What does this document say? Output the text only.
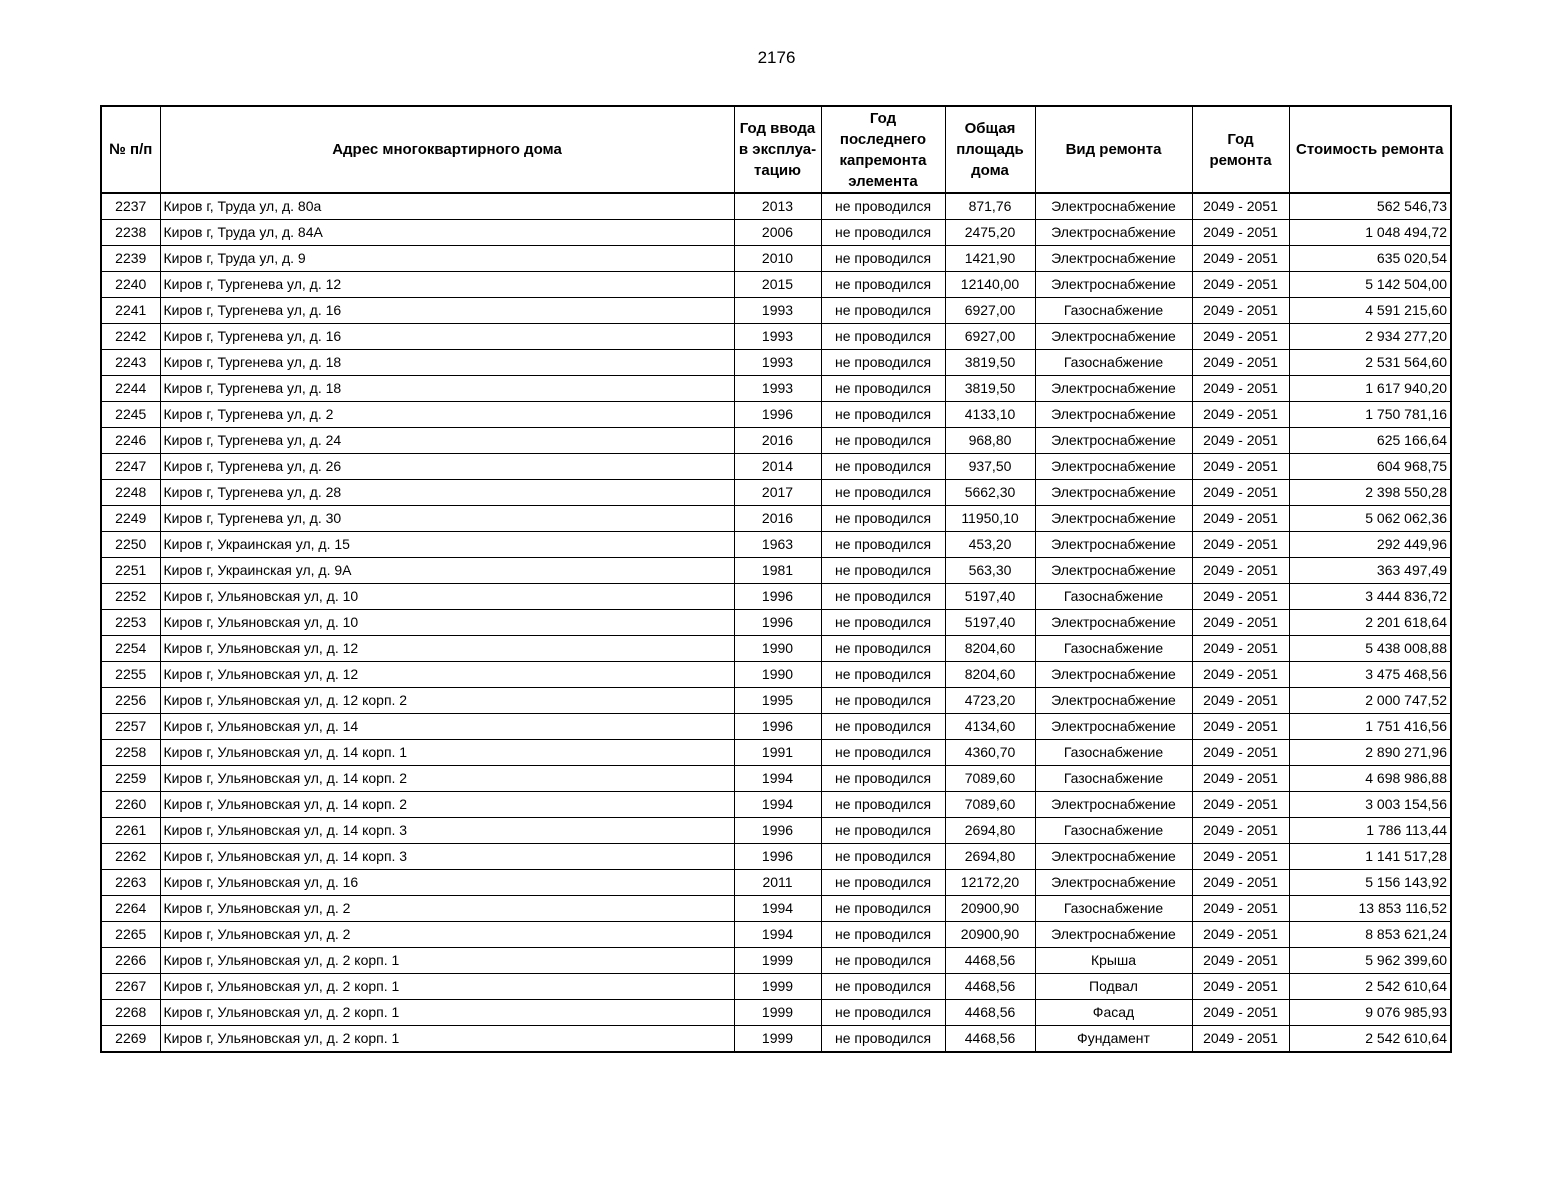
2176
№ п/п	Адрес многоквартирного дома	Год ввода в эксплуа-тацию	Год последнего капремонта элемента	Общая площадь дома	Вид ремонта	Год ремонта	Стоимость ремонта
2237	Киров г, Труда ул, д. 80а	2013	не проводился	871,76	Электроснабжение	2049 - 2051	562 546,73
2238	Киров г, Труда ул, д. 84А	2006	не проводился	2475,20	Электроснабжение	2049 - 2051	1 048 494,72
2239	Киров г, Труда ул, д. 9	2010	не проводился	1421,90	Электроснабжение	2049 - 2051	635 020,54
2240	Киров г, Тургенева ул, д. 12	2015	не проводился	12140,00	Электроснабжение	2049 - 2051	5 142 504,00
2241	Киров г, Тургенева ул, д. 16	1993	не проводился	6927,00	Газоснабжение	2049 - 2051	4 591 215,60
2242	Киров г, Тургенева ул, д. 16	1993	не проводился	6927,00	Электроснабжение	2049 - 2051	2 934 277,20
2243	Киров г, Тургенева ул, д. 18	1993	не проводился	3819,50	Газоснабжение	2049 - 2051	2 531 564,60
2244	Киров г, Тургенева ул, д. 18	1993	не проводился	3819,50	Электроснабжение	2049 - 2051	1 617 940,20
2245	Киров г, Тургенева ул, д. 2	1996	не проводился	4133,10	Электроснабжение	2049 - 2051	1 750 781,16
2246	Киров г, Тургенева ул, д. 24	2016	не проводился	968,80	Электроснабжение	2049 - 2051	625 166,64
2247	Киров г, Тургенева ул, д. 26	2014	не проводился	937,50	Электроснабжение	2049 - 2051	604 968,75
2248	Киров г, Тургенева ул, д. 28	2017	не проводился	5662,30	Электроснабжение	2049 - 2051	2 398 550,28
2249	Киров г, Тургенева ул, д. 30	2016	не проводился	11950,10	Электроснабжение	2049 - 2051	5 062 062,36
2250	Киров г, Украинская ул, д. 15	1963	не проводился	453,20	Электроснабжение	2049 - 2051	292 449,96
2251	Киров г, Украинская ул, д. 9А	1981	не проводился	563,30	Электроснабжение	2049 - 2051	363 497,49
2252	Киров г, Ульяновская ул, д. 10	1996	не проводился	5197,40	Газоснабжение	2049 - 2051	3 444 836,72
2253	Киров г, Ульяновская ул, д. 10	1996	не проводился	5197,40	Электроснабжение	2049 - 2051	2 201 618,64
2254	Киров г, Ульяновская ул, д. 12	1990	не проводился	8204,60	Газоснабжение	2049 - 2051	5 438 008,88
2255	Киров г, Ульяновская ул, д. 12	1990	не проводился	8204,60	Электроснабжение	2049 - 2051	3 475 468,56
2256	Киров г, Ульяновская ул, д. 12 корп. 2	1995	не проводился	4723,20	Электроснабжение	2049 - 2051	2 000 747,52
2257	Киров г, Ульяновская ул, д. 14	1996	не проводился	4134,60	Электроснабжение	2049 - 2051	1 751 416,56
2258	Киров г, Ульяновская ул, д. 14 корп. 1	1991	не проводился	4360,70	Газоснабжение	2049 - 2051	2 890 271,96
2259	Киров г, Ульяновская ул, д. 14 корп. 2	1994	не проводился	7089,60	Газоснабжение	2049 - 2051	4 698 986,88
2260	Киров г, Ульяновская ул, д. 14 корп. 2	1994	не проводился	7089,60	Электроснабжение	2049 - 2051	3 003 154,56
2261	Киров г, Ульяновская ул, д. 14 корп. 3	1996	не проводился	2694,80	Газоснабжение	2049 - 2051	1 786 113,44
2262	Киров г, Ульяновская ул, д. 14 корп. 3	1996	не проводился	2694,80	Электроснабжение	2049 - 2051	1 141 517,28
2263	Киров г, Ульяновская ул, д. 16	2011	не проводился	12172,20	Электроснабжение	2049 - 2051	5 156 143,92
2264	Киров г, Ульяновская ул, д. 2	1994	не проводился	20900,90	Газоснабжение	2049 - 2051	13 853 116,52
2265	Киров г, Ульяновская ул, д. 2	1994	не проводился	20900,90	Электроснабжение	2049 - 2051	8 853 621,24
2266	Киров г, Ульяновская ул, д. 2 корп. 1	1999	не проводился	4468,56	Крыша	2049 - 2051	5 962 399,60
2267	Киров г, Ульяновская ул, д. 2 корп. 1	1999	не проводился	4468,56	Подвал	2049 - 2051	2 542 610,64
2268	Киров г, Ульяновская ул, д. 2 корп. 1	1999	не проводился	4468,56	Фасад	2049 - 2051	9 076 985,93
2269	Киров г, Ульяновская ул, д. 2 корп. 1	1999	не проводился	4468,56	Фундамент	2049 - 2051	2 542 610,64
